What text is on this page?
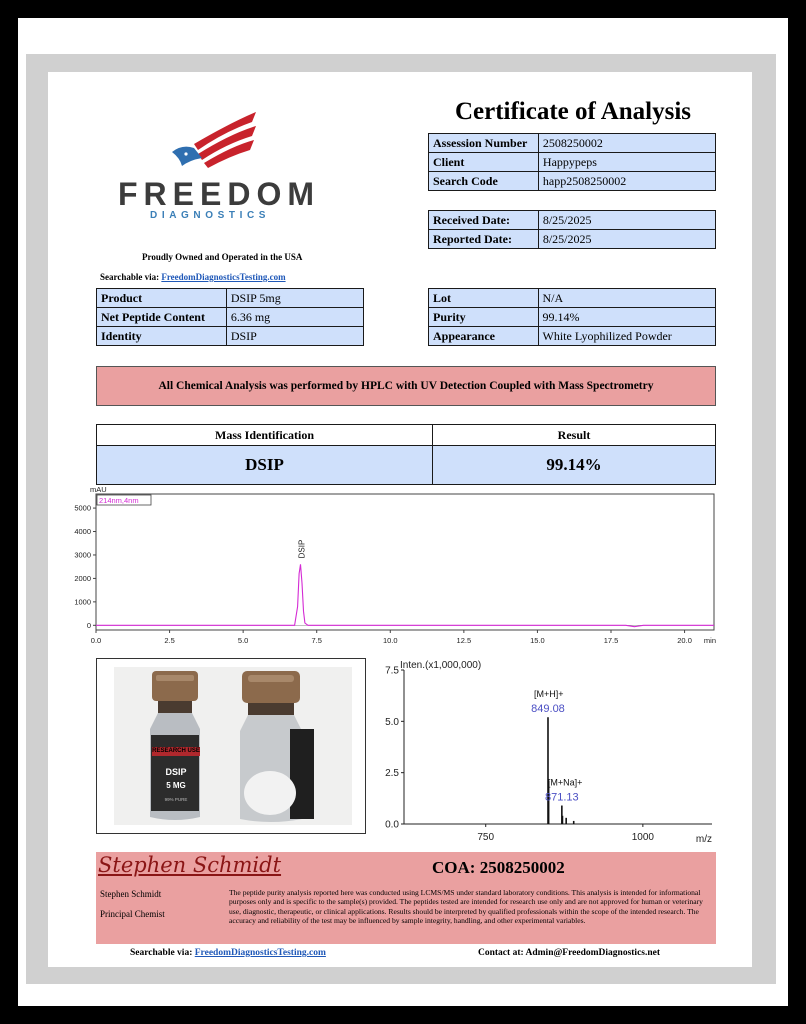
FREEDOM
DIAGNOSTICS
Proudly Owned and Operated in the USA
Searchable via: FreedomDiagnosticsTesting.com
Certificate of Analysis
Assession Number	2508250002
Client	Happypeps
Search Code	happ2508250002
Received Date:	8/25/2025
Reported Date:	8/25/2025
Product	DSIP 5mg
Net Peptide Content	6.36 mg
Identity	DSIP
Lot	N/A
Purity	99.14%
Appearance	White Lyophilized Powder
All Chemical Analysis was performed by HPLC with UV Detection Coupled with Mass Spectrometry
Mass Identification	Result
DSIP	99.14%
0.0	2.5	5.0	7.5	10.0	12.5	15.0	17.5	20.0
5000
4000
3000
2000
1000
0
mAU
min
214nm,4nm
DSIP
RESEARCH USE
DSIP
5 MG
99% PURE
7.5
5.0
2.5
0.0
750	1000
Inten.(x1,000,000)
m/z
[M+H]+
849.08
[M+Na]+
871.13
Stephen Schmidt	COA: 2508250002
Stephen Schmidt
Principal Chemist
The peptide purity analysis reported here was conducted using LCMS/MS under standard laboratory conditions. This analysis is intended for informational purposes only and is specific to the sample(s) provided. The peptides tested are intended for research use only and are not approved for human or veterinary use, diagnostic, therapeutic, or clinical applications. Results should be interpreted by qualified professionals within the scope of the intended research. The accuracy and reliability of the test may be influenced by sample integrity, handling, and other experimental variables.
Searchable via: FreedomDiagnosticsTesting.com	Contact at: Admin@FreedomDiagnostics.net
